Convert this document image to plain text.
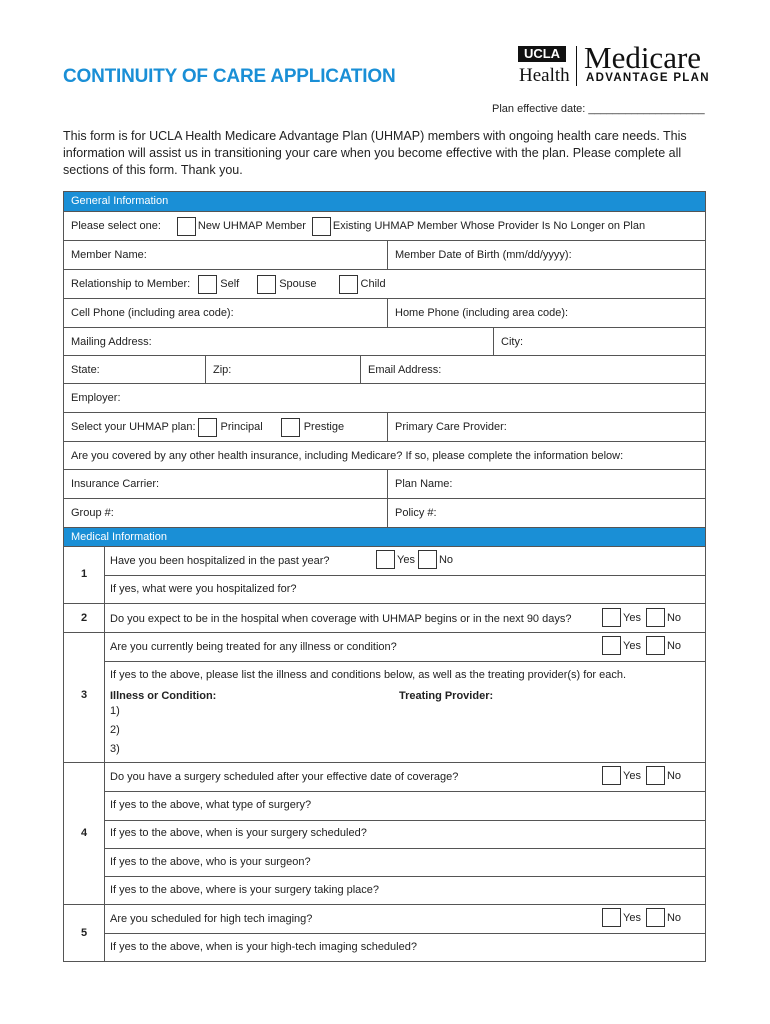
CONTINUITY OF CARE APPLICATION
UCLA
Health
Medicare
ADVANTAGE PLAN
Plan effective date: ___________________
This form is for UCLA Health Medicare Advantage Plan (UHMAP) members with ongoing health care needs. This information will assist us in transitioning your care when you become effective with the plan. Please complete all sections of this form. Thank you.
General Information
Please select one:	New UHMAP Member Existing UHMAP Member Whose Provider Is No Longer on Plan
Member Name:	Member Date of Birth (mm/dd/yyyy):
Relationship to Member:	Self	Spouse	Child
Cell Phone (including area code):	Home Phone (including area code):
Mailing Address:	City:
State:	Zip:	Email Address:
Employer:
Select your UHMAP plan: Principal	Prestige	Primary Care Provider:
Are you covered by any other health insurance, including Medicare? If so, please complete the information below:
Insurance Carrier:	Plan Name:
Group #:	Policy #:
Medical Information
1
Have you been hospitalized in the past year?	Yes No
If yes, what were you hospitalized for?
2	Do you expect to be in the hospital when coverage with UHMAP begins or in the next 90 days?	Yes No
3
Are you currently being treated for any illness or condition?	Yes No
If yes to the above, please list the illness and conditions below, as well as the treating provider(s) for each.
Illness or Condition:	Treating Provider:
1)
2)
3)
4
Do you have a surgery scheduled after your effective date of coverage?	Yes No
If yes to the above, what type of surgery?
If yes to the above, when is your surgery scheduled?
If yes to the above, who is your surgeon?
If yes to the above, where is your surgery taking place?
5
Are you scheduled for high tech imaging?	Yes No
If yes to the above, when is your high-tech imaging scheduled?
